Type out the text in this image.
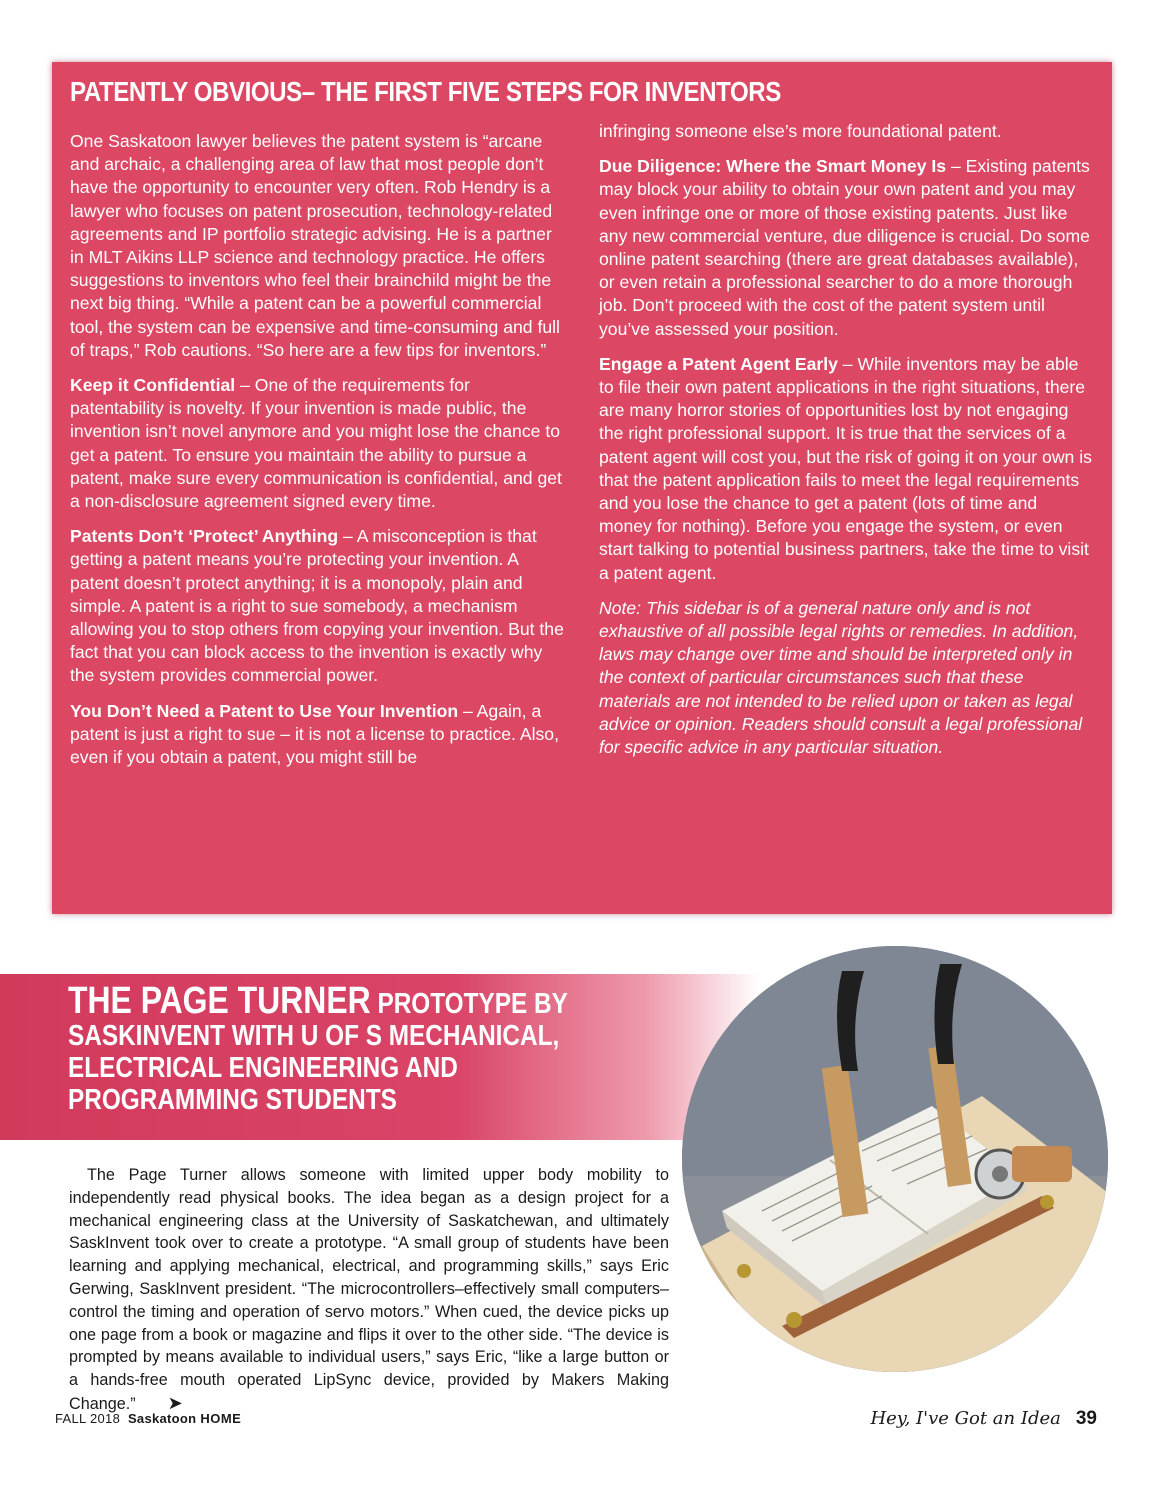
PATENTLY OBVIOUS– THE FIRST FIVE STEPS FOR INVENTORS

One Saskatoon lawyer believes the patent system is “arcane and archaic, a challenging area of law that most people don’t have the opportunity to encounter very often. Rob Hendry is a lawyer who focuses on patent prosecution, technology-related agreements and IP portfolio strategic advising. He is a partner in MLT Aikins LLP science and technology practice. He offers suggestions to inventors who feel their brainchild might be the next big thing. “While a patent can be a powerful commercial tool, the system can be expensive and time-consuming and full of traps,” Rob cautions. “So here are a few tips for inventors.”

Keep it Confidential – One of the requirements for patentability is novelty. If your invention is made public, the invention isn’t novel anymore and you might lose the chance to get a patent. To ensure you maintain the ability to pursue a patent, make sure every communication is confidential, and get a non-disclosure agreement signed every time.

Patents Don’t ‘Protect’ Anything – A misconception is that getting a patent means you’re protecting your invention. A patent doesn’t protect anything; it is a monopoly, plain and simple. A patent is a right to sue somebody, a mechanism allowing you to stop others from copying your invention. But the fact that you can block access to the invention is exactly why the system provides commercial power.

You Don’t Need a Patent to Use Your Invention – Again, a patent is just a right to sue – it is not a license to practice. Also, even if you obtain a patent, you might still be

infringing someone else’s more foundational patent.

Due Diligence: Where the Smart Money Is – Existing patents may block your ability to obtain your own patent and you may even infringe one or more of those existing patents. Just like any new commercial venture, due diligence is crucial. Do some online patent searching (there are great databases available), or even retain a professional searcher to do a more thorough job. Don’t proceed with the cost of the patent system until you’ve assessed your position.

Engage a Patent Agent Early – While inventors may be able to file their own patent applications in the right situations, there are many horror stories of opportunities lost by not engaging the right professional support. It is true that the services of a patent agent will cost you, but the risk of going it on your own is that the patent application fails to meet the legal requirements and you lose the chance to get a patent (lots of time and money for nothing). Before you engage the system, or even start talking to potential business partners, take the time to visit a patent agent.

Note: This sidebar is of a general nature only and is not exhaustive of all possible legal rights or remedies. In addition, laws may change over time and should be interpreted only in the context of particular circumstances such that these materials are not intended to be relied upon or taken as legal advice or opinion. Readers should consult a legal professional for specific advice in any particular situation.

THE PAGE TURNER PROTOTYPE BY
SASKINVENT WITH U OF S MECHANICAL,
ELECTRICAL ENGINEERING AND
PROGRAMMING STUDENTS

The Page Turner allows someone with limited upper body mobility to independently read physical books. The idea began as a design project for a mechanical engineering class at the University of Saskatchewan, and ultimately SaskInvent took over to create a prototype. “A small group of students have been learning and applying mechanical, electrical, and programming skills,” says Eric Gerwing, SaskInvent president. “The microcontrollers–effectively small computers–control the timing and operation of servo motors.” When cued, the device picks up one page from a book or magazine and flips it over to the other side. “The device is prompted by means available to individual users,” says Eric, “like a large button or a hands-free mouth operated LipSync device, provided by Makers Making Change.” ➤

FALL 2018 Saskatoon HOME	Hey, I've Got an Idea 39
